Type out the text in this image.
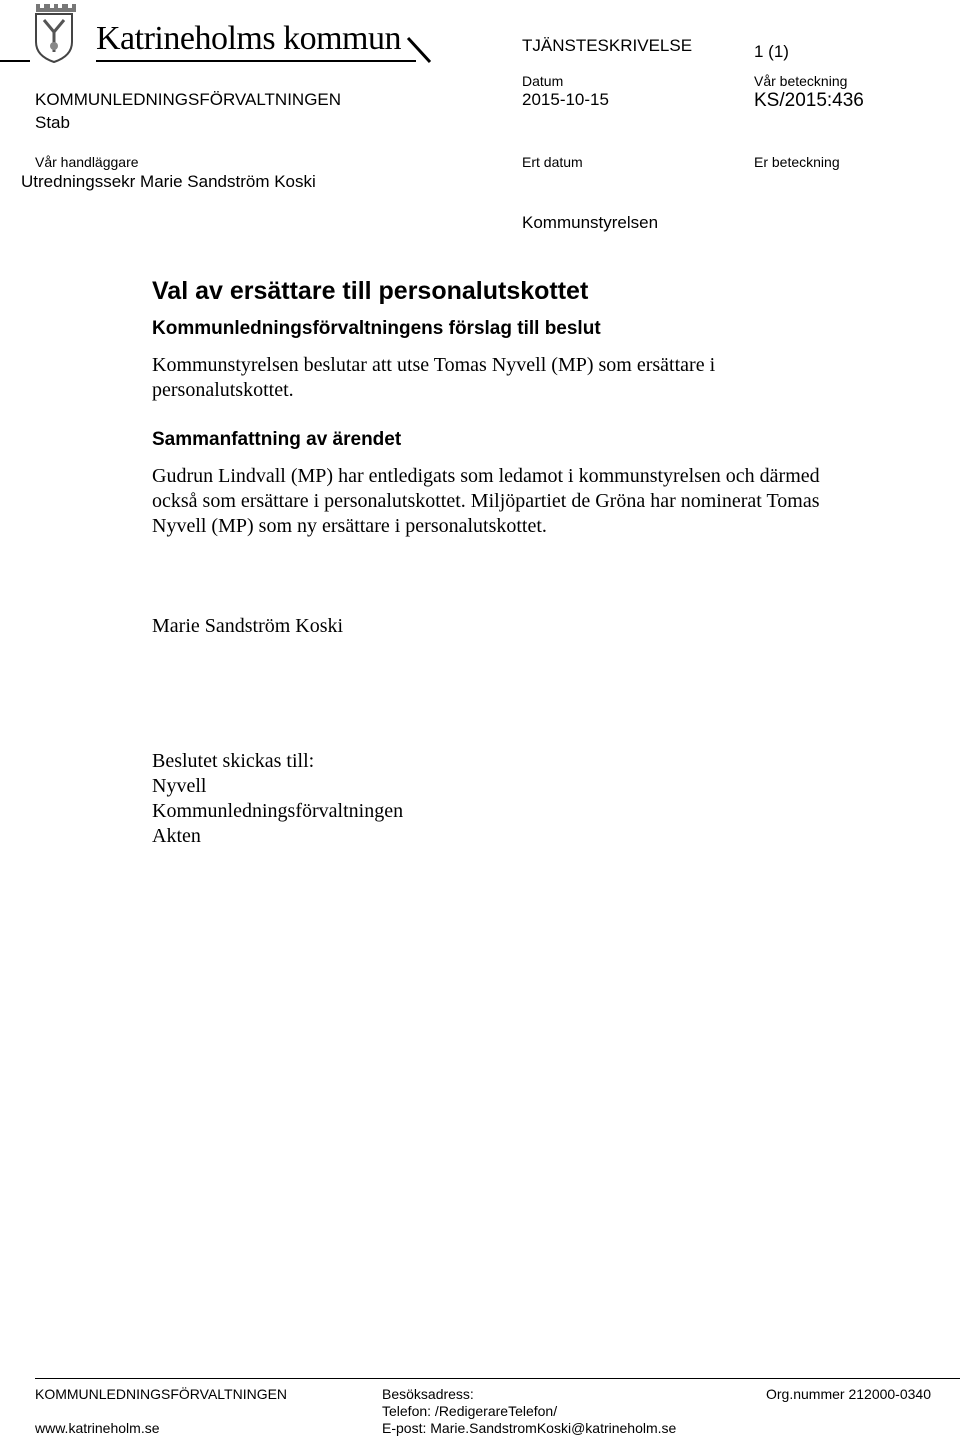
Katrineholms kommun	TJÄNSTESKRIVELSE	1 (1)
KOMMUNLEDNINGSFÖRVALTNINGEN
Stab
Datum
2015-10-15
Vår beteckning
KS/2015:436
Vår handläggare
Utredningssekr Marie Sandström Koski
Ert datum	Er beteckning
Kommunstyrelsen
Val av ersättare till personalutskottet
Kommunledningsförvaltningens förslag till beslut
Kommunstyrelsen beslutar att utse Tomas Nyvell (MP) som ersättare i
personalutskottet.
Sammanfattning av ärendet
Gudrun Lindvall (MP) har entledigats som ledamot i kommunstyrelsen och därmed
också som ersättare i personalutskottet. Miljöpartiet de Gröna har nominerat Tomas
Nyvell (MP) som ny ersättare i personalutskottet.
Marie Sandström Koski
Beslutet skickas till:
Nyvell
Kommunledningsförvaltningen
Akten
KOMMUNLEDNINGSFÖRVALTNINGEN
www.katrineholm.se
Besöksadress:
Telefon: /RedigerareTelefon/
E-post: Marie.SandstromKoski@katrineholm.se
Org.nummer 212000-0340
